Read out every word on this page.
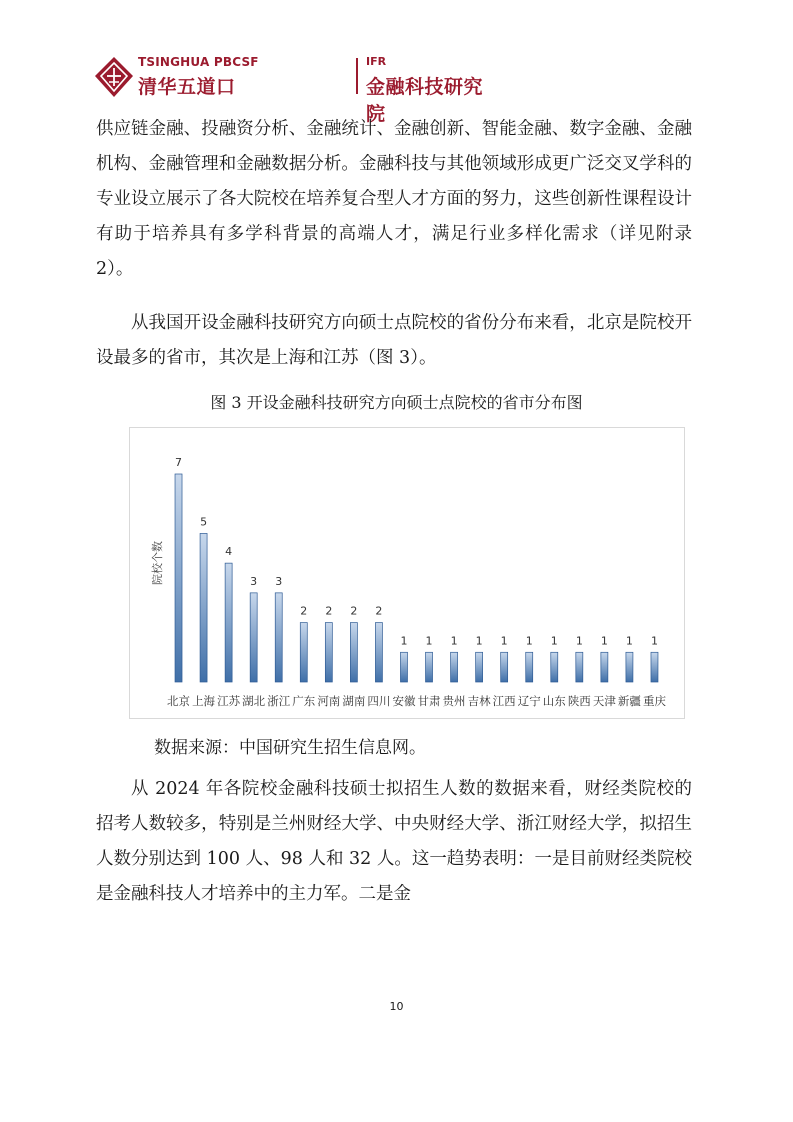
TSINGHUA PBCSF
清华五道口
IFR
金融科技研究院
供应链金融、投融资分析、金融统计、金融创新、智能金融、数字金融、金融机构、金融管理和金融数据分析。金融科技与其他领域形成更广泛交叉学科的专业设立展示了各大院校在培养复合型人才方面的努力，这些创新性课程设计有助于培养具有多学科背景的高端人才，满足行业多样化需求（详见附录 2）。
从我国开设金融科技研究方向硕士点院校的省份分布来看，北京是院校开设最多的省市，其次是上海和江苏（图 3）。
图 3 开设金融科技研究方向硕士点院校的省市分布图
7
5
4
3 3
2 2 2 2
1 1 1 1 1 1 1 1 1 1 1
北京 上海 江苏 湖北 浙江 广东 河南 湖南 四川 安徽 甘肃 贵州 吉林 江西 辽宁 山东 陕西 天津 新疆 重庆
院校个数
数据来源：中国研究生招生信息网。
从 2024 年各院校金融科技硕士拟招生人数的数据来看，财经类院校的招考人数较多，特别是兰州财经大学、中央财经大学、浙江财经大学，拟招生人数分别达到 100 人、98 人和 32 人。这一趋势表明：一是目前财经类院校是金融科技人才培养中的主力军。二是金
10
